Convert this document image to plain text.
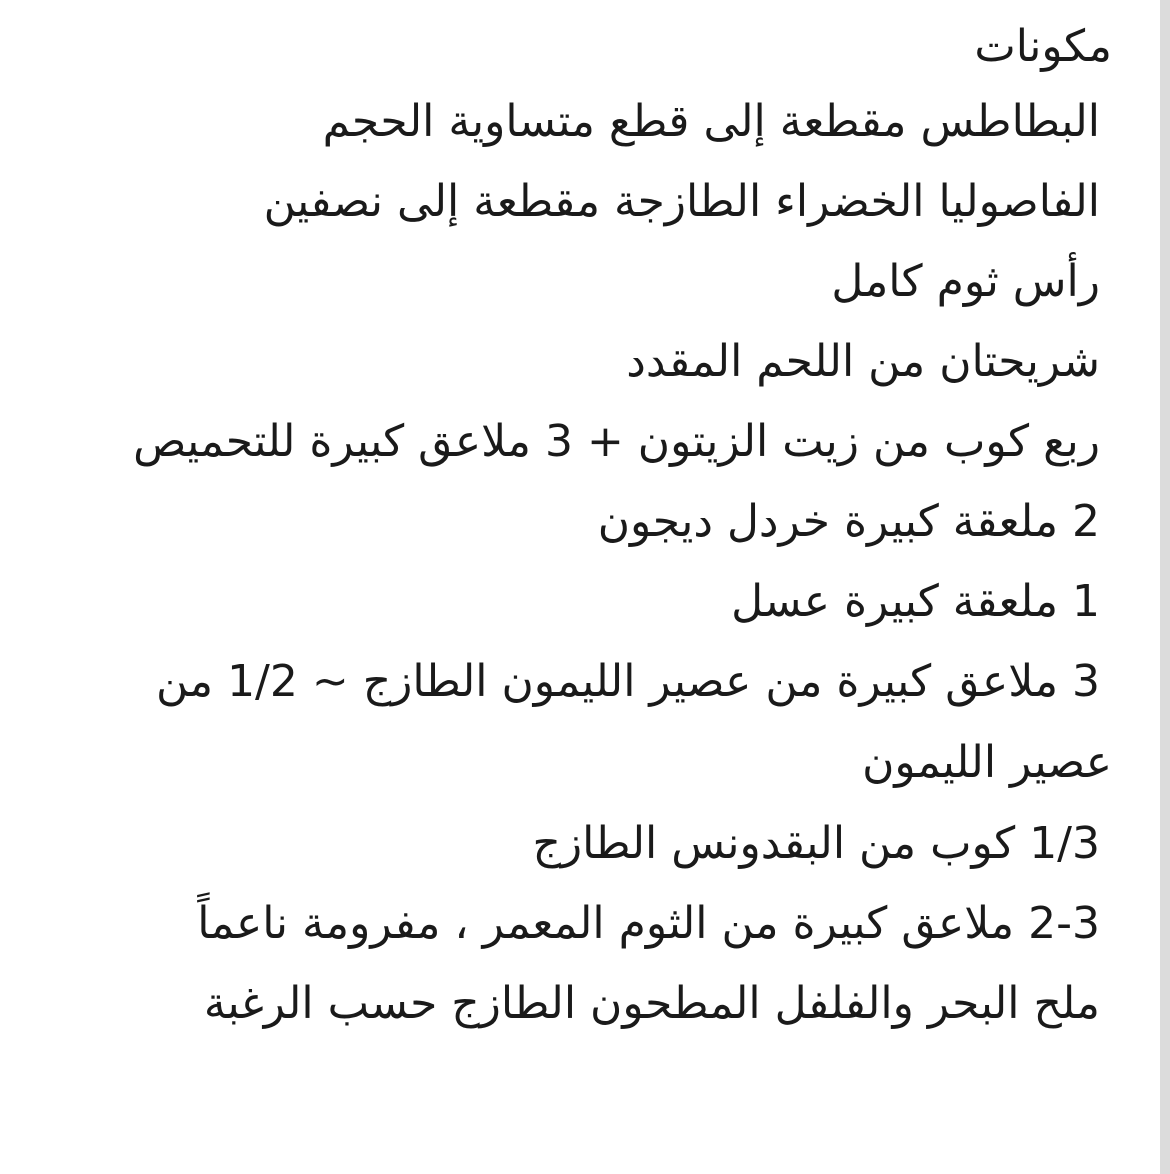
مكونات

البطاطس مقطعة إلى قطع متساوية الحجم

الفاصوليا الخضراء الطازجة مقطعة إلى نصفين

رأس ثوم كامل

شريحتان من اللحم المقدد

ربع كوب من زيت الزيتون + 3 ملاعق كبيرة للتحميص

2 ملعقة كبيرة خردل ديجون

1 ملعقة كبيرة عسل

3 ملاعق كبيرة من عصير الليمون الطازج ~ 1/2 من
عصير الليمون

1/3 كوب من البقدونس الطازج

2-3 ملاعق كبيرة من الثوم المعمر ، مفرومة ناعماً

ملح البحر والفلفل المطحون الطازج حسب الرغبة
